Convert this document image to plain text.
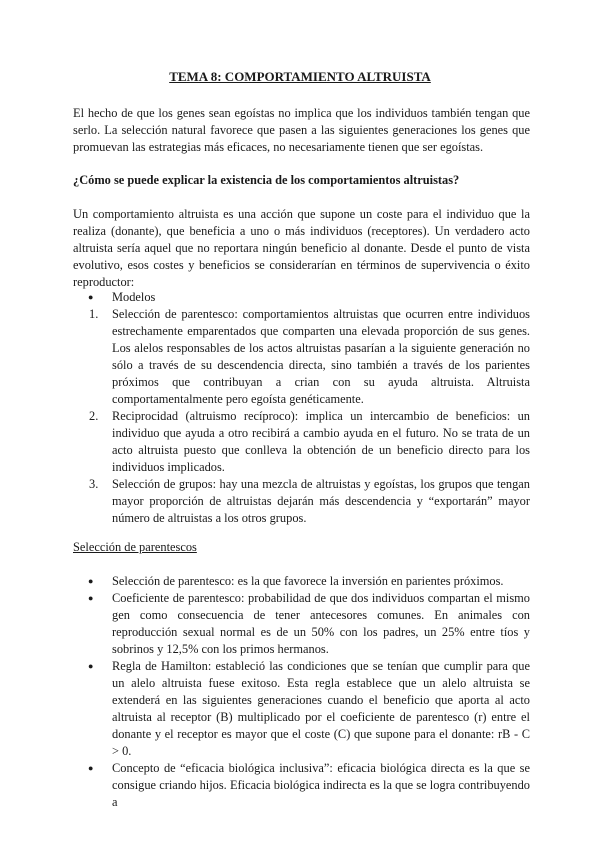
TEMA 8: COMPORTAMIENTO ALTRUISTA
El hecho de que los genes sean egoístas no implica que los individuos también tengan que serlo. La selección natural favorece que pasen a las siguientes generaciones los genes que promuevan las estrategias más eficaces, no necesariamente tienen que ser egoístas.
¿Cómo se puede explicar la existencia de los comportamientos altruistas?
Un comportamiento altruista es una acción que supone un coste para el individuo que la realiza (donante), que beneficia a uno o más individuos (receptores). Un verdadero acto altruista sería aquel que no reportara ningún beneficio al donante. Desde el punto de vista evolutivo, esos costes y beneficios se considerarían en términos de supervivencia o éxito reproductor:
● Modelos
1. Selección de parentesco: comportamientos altruistas que ocurren entre individuos estrechamente emparentados que comparten una elevada proporción de sus genes. Los alelos responsables de los actos altruistas pasarían a la siguiente generación no sólo a través de su descendencia directa, sino también a través de los parientes próximos que contribuyan a crian con su ayuda altruista. Altruista comportamentalmente pero egoísta genéticamente.
2. Reciprocidad (altruismo recíproco): implica un intercambio de beneficios: un individuo que ayuda a otro recibirá a cambio ayuda en el futuro. No se trata de un acto altruista puesto que conlleva la obtención de un beneficio directo para los individuos implicados.
3. Selección de grupos: hay una mezcla de altruistas y egoístas, los grupos que tengan mayor proporción de altruistas dejarán más descendencia y “exportarán” mayor número de altruistas a los otros grupos.
Selección de parentescos
● Selección de parentesco: es la que favorece la inversión en parientes próximos.
● Coeficiente de parentesco: probabilidad de que dos individuos compartan el mismo gen como consecuencia de tener antecesores comunes. En animales con reproducción sexual normal es de un 50% con los padres, un 25% entre tíos y sobrinos y 12,5% con los primos hermanos.
● Regla de Hamilton: estableció las condiciones que se tenían que cumplir para que un alelo altruista fuese exitoso. Esta regla establece que un alelo altruista se extenderá en las siguientes generaciones cuando el beneficio que aporta al acto altruista al receptor (B) multiplicado por el coeficiente de parentesco (r) entre el donante y el receptor es mayor que el coste (C) que supone para el donante: rB - C > 0.
● Concepto de “eficacia biológica inclusiva”: eficacia biológica directa es la que se consigue criando hijos. Eficacia biológica indirecta es la que se logra contribuyendo a
